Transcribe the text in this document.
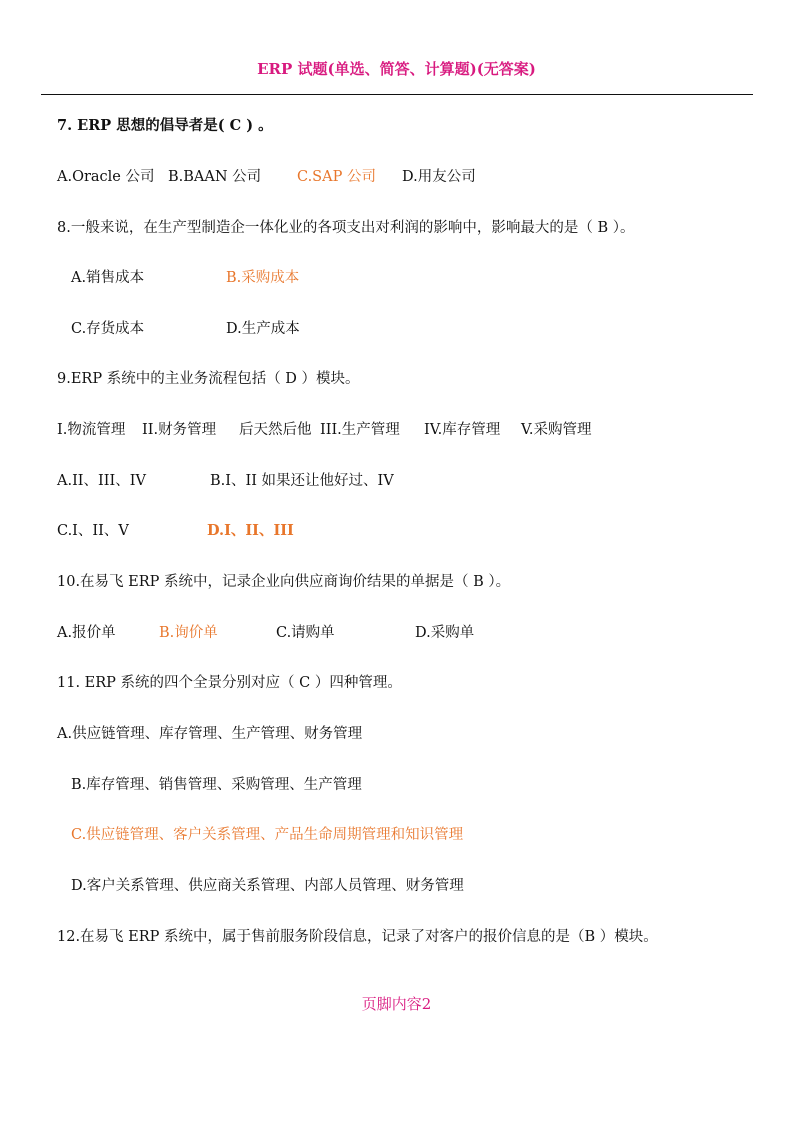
ERP 试题(单选、简答、计算题)(无答案)
7. ERP 思想的倡导者是( C ) 。
A.Oracle 公司 B.BAAN 公司 C.SAP 公司 D.用友公司
8.一般来说，在生产型制造企一体化业的各项支出对利润的影响中，影响最大的是（ B ）。
A.销售成本	B.采购成本
C.存货成本	D.生产成本
9.ERP 系统中的主业务流程包括（ D ）模块。
I.物流管理 II.财务管理 后天然后他 III.生产管理 IV.库存管理 V.采购管理
A.II、III、IV	B.I、II 如果还让他好过、IV
C.I、II、V	D.I、II、III
10.在易飞 ERP 系统中，记录企业向供应商询价结果的单据是（ B ）。
A.报价单	B.询价单	C.请购单	D.采购单
11. ERP 系统的四个全景分别对应（ C ）四种管理。
A.供应链管理、库存管理、生产管理、财务管理
B.库存管理、销售管理、采购管理、生产管理
C.供应链管理、客户关系管理、产品生命周期管理和知识管理
D.客户关系管理、供应商关系管理、内部人员管理、财务管理
12.在易飞 ERP 系统中，属于售前服务阶段信息，记录了对客户的报价信息的是（B ）模块。
页脚内容2
